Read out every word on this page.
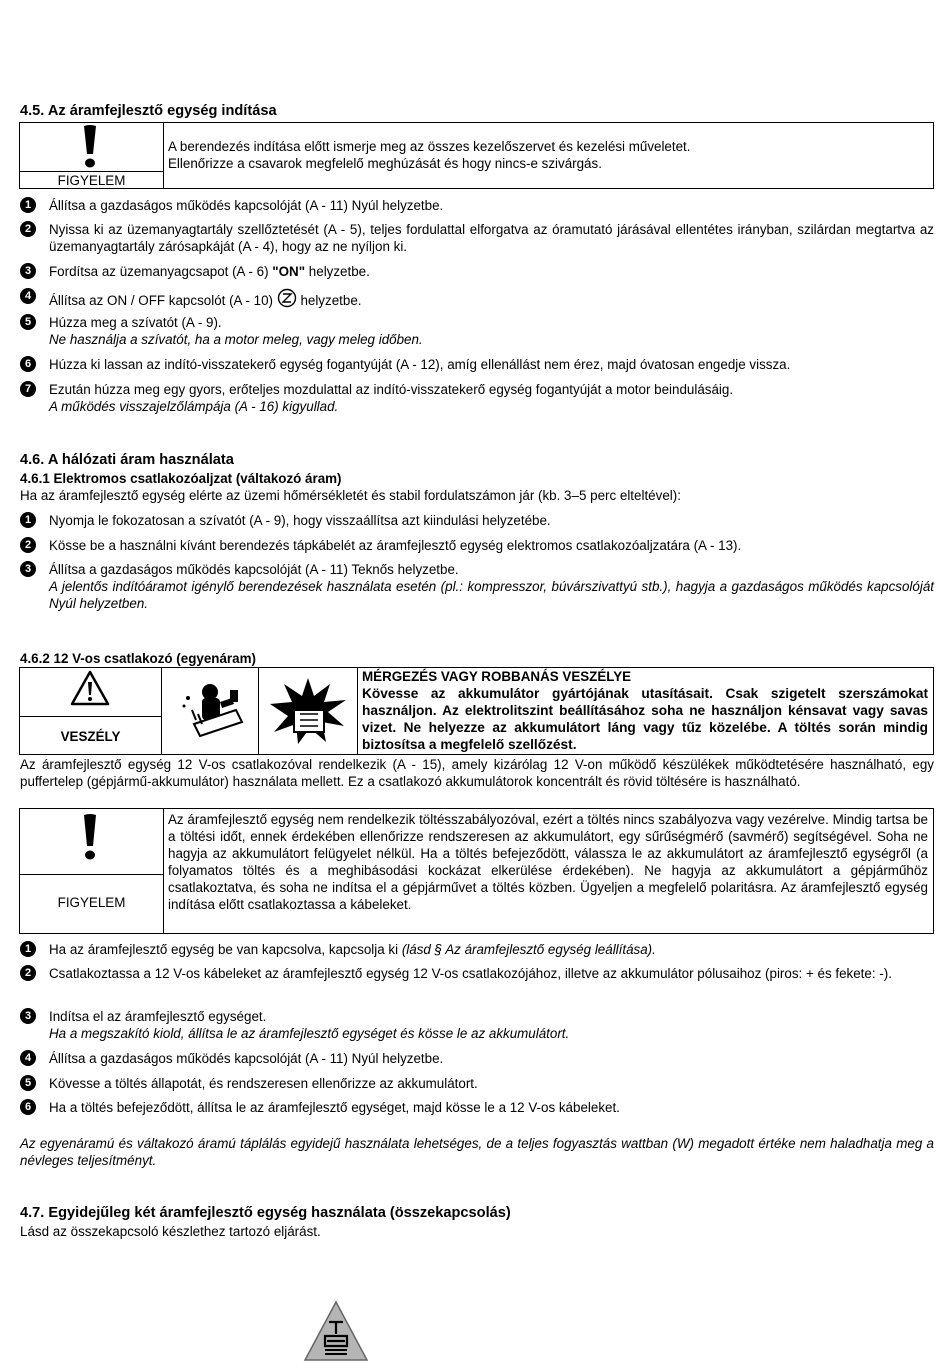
4.5. Az áramfejlesztő egység indítása
FIGYELEM
A berendezés indítása előtt ismerje meg az összes kezelőszervet és kezelési műveletet.
Ellenőrizze a csavarok megfelelő meghúzását és hogy nincs-e szivárgás.
1	Állítsa a gazdaságos működés kapcsolóját (A - 11) Nyúl helyzetbe.
2	Nyissa ki az üzemanyagtartály szellőztetését (A - 5), teljes fordulattal elforgatva az óramutató járásával ellentétes irányban, szilárdan megtartva az üzemanyagtartály zárósapkáját (A - 4), hogy az ne nyíljon ki.
3	Fordítsa az üzemanyagcsapot (A - 6) "ON" helyzetbe.
4	Állítsa az ON / OFF kapcsolót (A - 10)  helyzetbe.
5	Húzza meg a szívatót (A - 9).
Ne használja a szívatót, ha a motor meleg, vagy meleg időben.
6	Húzza ki lassan az indító-visszatekerő egység fogantyúját (A - 12), amíg ellenállást nem érez, majd óvatosan engedje vissza.
7	Ezután húzza meg egy gyors, erőteljes mozdulattal az indító-visszatekerő egység fogantyúját a motor beindulásáig.
A működés visszajelzőlámpája (A - 16) kigyullad.
4.6. A hálózati áram használata
4.6.1 Elektromos csatlakozóaljzat (váltakozó áram)
Ha az áramfejlesztő egység elérte az üzemi hőmérsékletét és stabil fordulatszámon jár (kb. 3–5 perc elteltével):
1	Nyomja le fokozatosan a szívatót (A - 9), hogy visszaállítsa azt kiindulási helyzetébe.
2	Kösse be a használni kívánt berendezés tápkábelét az áramfejlesztő egység elektromos csatlakozóaljzatára (A - 13).
3	Állítsa a gazdaságos működés kapcsolóját (A - 11) Teknős helyzetbe.
A jelentős indítóáramot igénylő berendezések használata esetén (pl.: kompresszor, búvárszivattyú stb.), hagyja a gazdaságos működés kapcsolóját Nyúl helyzetben.
4.6.2 12 V-os csatlakozó (egyenáram)
VESZÉLY
MÉRGEZÉS VAGY ROBBANÁS VESZÉLYE
Kövesse az akkumulátor gyártójának utasításait. Csak szigetelt szerszámokat használjon. Az elektrolitszint beállításához soha ne használjon kénsavat vagy savas vizet. Ne helyezze az akkumulátort láng vagy tűz közelébe. A töltés során mindig biztosítsa a megfelelő szellőzést.
Az áramfejlesztő egység 12 V-os csatlakozóval rendelkezik (A - 15), amely kizárólag 12 V-on működő készülékek működtetésére használható, egy puffertelep (gépjármű-akkumulátor) használata mellett. Ez a csatlakozó akkumulátorok koncentrált és rövid töltésére is használható.
FIGYELEM
Az áramfejlesztő egység nem rendelkezik töltésszabályozóval, ezért a töltés nincs szabályozva vagy vezérelve. Mindig tartsa be a töltési időt, ennek érdekében ellenőrizze rendszeresen az akkumulátort, egy sűrűségmérő (savmérő) segítségével. Soha ne hagyja az akkumulátort felügyelet nélkül. Ha a töltés befejeződött, válassza le az akkumulátort az áramfejlesztő egységről (a folyamatos töltés és a meghibásodási kockázat elkerülése érdekében). Ne hagyja az akkumulátort a gépjárműhöz csatlakoztatva, és soha ne indítsa el a gépjárművet a töltés közben. Ügyeljen a megfelelő polaritásra. Az áramfejlesztő egység indítása előtt csatlakoztassa a kábeleket.
1	Ha az áramfejlesztő egység be van kapcsolva, kapcsolja ki (lásd § Az áramfejlesztő egység leállítása).
2	Csatlakoztassa a 12 V-os kábeleket az áramfejlesztő egység 12 V-os csatlakozójához, illetve az akkumulátor pólusaihoz (piros: + és fekete: -).
3	Indítsa el az áramfejlesztő egységet.
Ha a megszakító kiold, állítsa le az áramfejlesztő egységet és kösse le az akkumulátort.
4	Állítsa a gazdaságos működés kapcsolóját (A - 11) Nyúl helyzetbe.
5	Kövesse a töltés állapotát, és rendszeresen ellenőrizze az akkumulátort.
6	Ha a töltés befejeződött, állítsa le az áramfejlesztő egységet, majd kösse le a 12 V-os kábeleket.
Az egyenáramú és váltakozó áramú táplálás egyidejű használata lehetséges, de a teljes fogyasztás wattban (W) megadott értéke nem haladhatja meg a névleges teljesítményt.
4.7. Egyidejűleg két áramfejlesztő egység használata (összekapcsolás)
Lásd az összekapcsoló készlethez tartozó eljárást.
